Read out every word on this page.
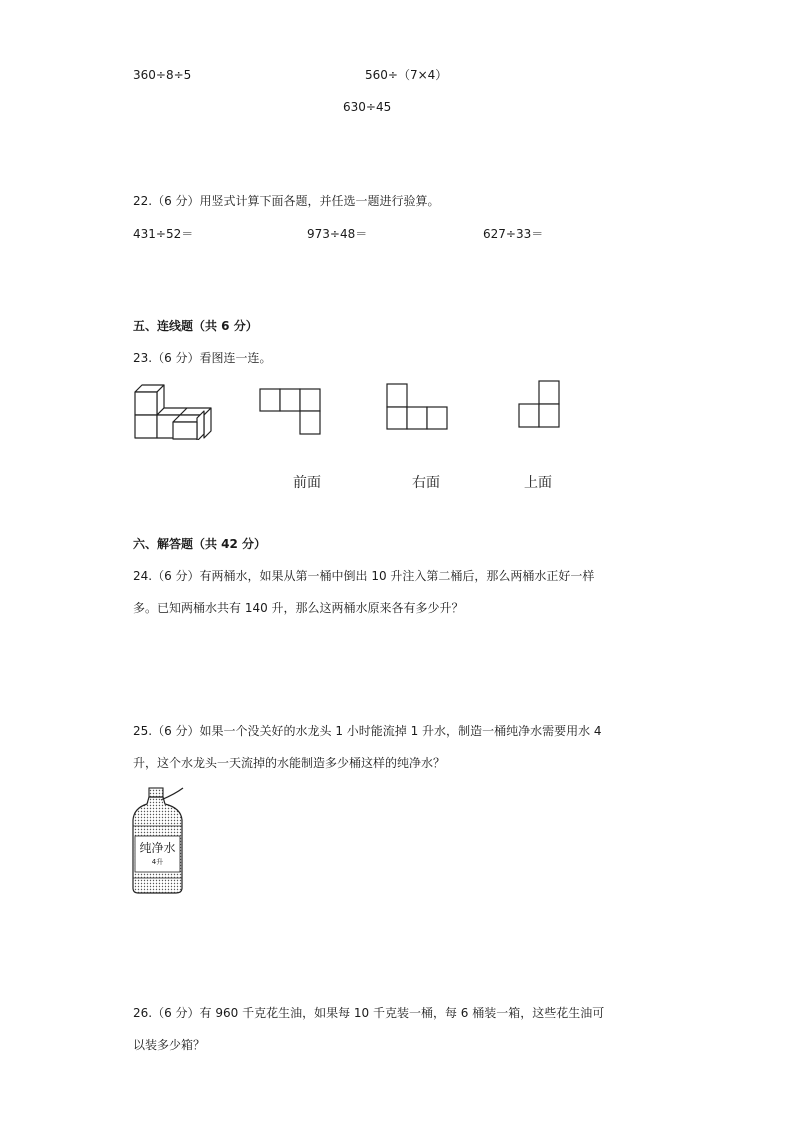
360÷8÷5	560÷（7×4）
630÷45
22.（6 分）用竖式计算下面各题，并任选一题进行验算。
431÷52＝	973÷48＝	627÷33＝
五、连线题（共 6 分）
23.（6 分）看图连一连。
前面	右面	上面
六、解答题（共 42 分）
24.（6 分）有两桶水，如果从第一桶中倒出 10 升注入第二桶后，那么两桶水正好一样
多。已知两桶水共有 140 升，那么这两桶水原来各有多少升？
25.（6 分）如果一个没关好的水龙头 1 小时能流掉 1 升水，制造一桶纯净水需要用水 4
升，这个水龙头一天流掉的水能制造多少桶这样的纯净水？
纯净水
4升
26.（6 分）有 960 千克花生油，如果每 10 千克装一桶，每 6 桶装一箱，这些花生油可
以装多少箱？
